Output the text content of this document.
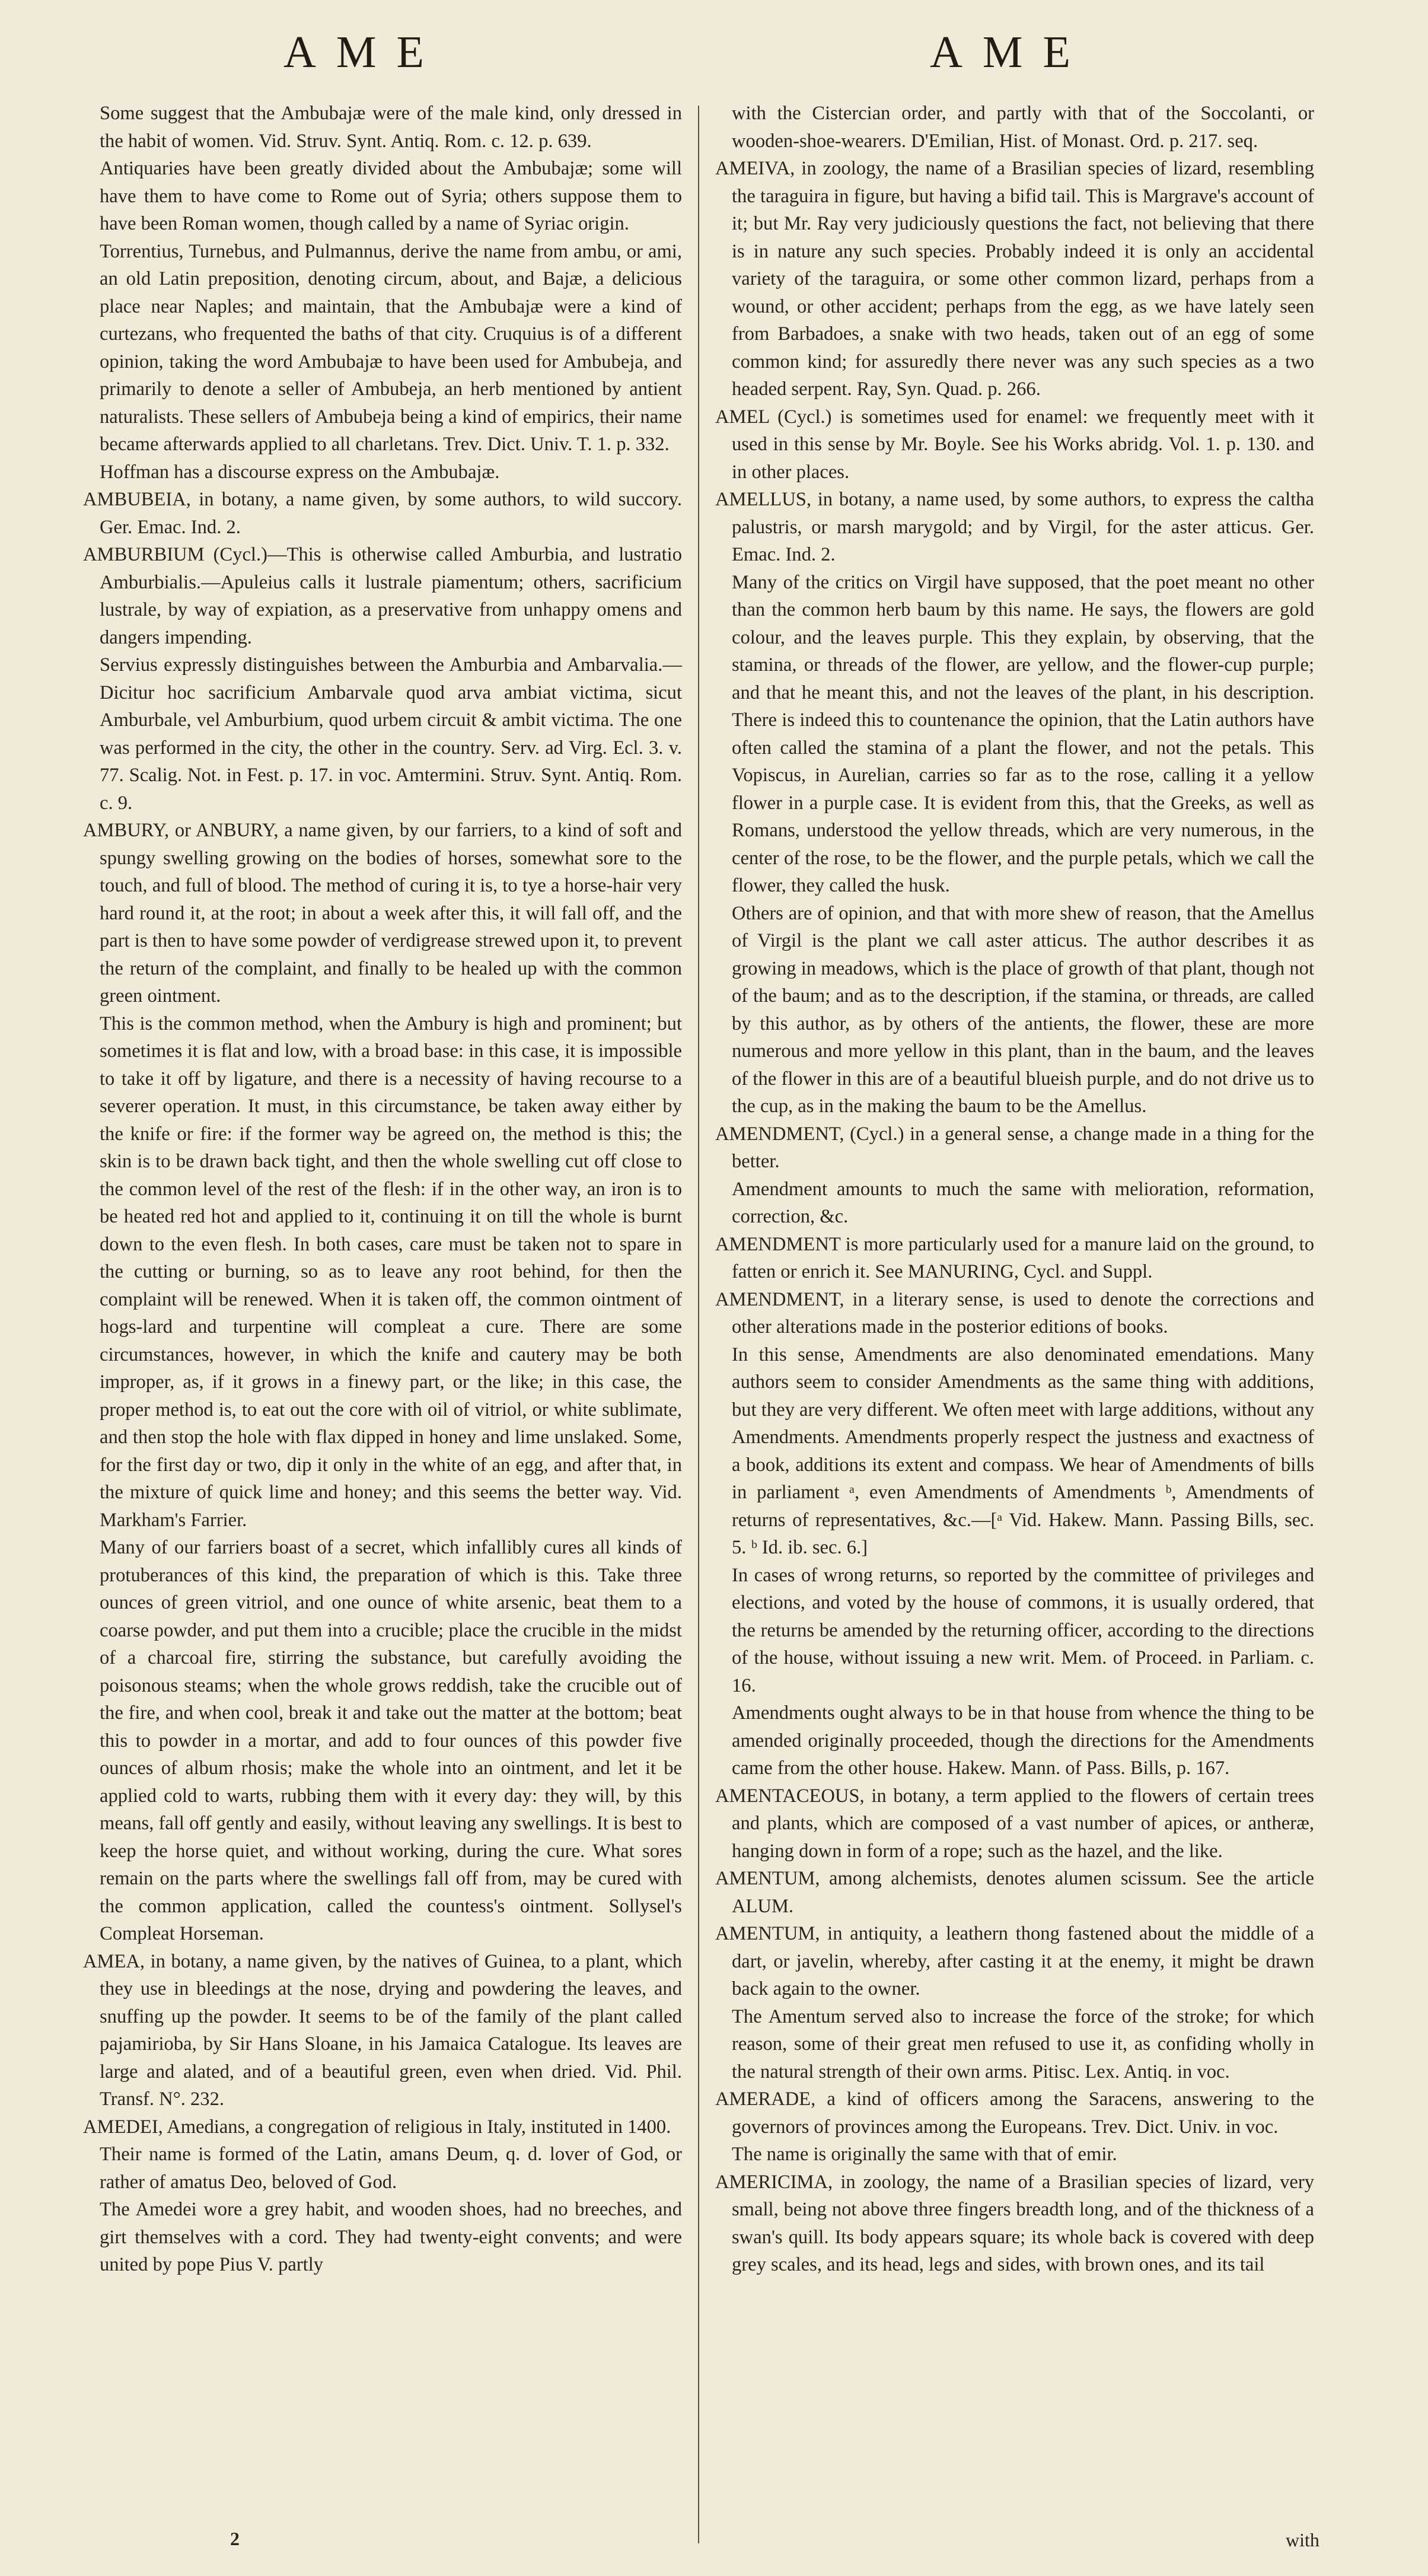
AME	AME

Some suggest that the Ambubajæ were of the male kind, only dressed in the habit of women. Vid. Struv. Synt. Antiq. Rom. c. 12. p. 639.

Antiquaries have been greatly divided about the Ambubajæ; some will have them to have come to Rome out of Syria; others suppose them to have been Roman women, though called by a name of Syriac origin.

Torrentius, Turnebus, and Pulmannus, derive the name from ambu, or ami, an old Latin preposition, denoting circum, about, and Bajæ, a delicious place near Naples; and maintain, that the Ambubajæ were a kind of curtezans, who frequented the baths of that city. Cruquius is of a different opinion, taking the word Ambubajæ to have been used for Ambubeja, and primarily to denote a seller of Ambubeja, an herb mentioned by antient naturalists. These sellers of Ambubeja being a kind of empirics, their name became afterwards applied to all charletans. Trev. Dict. Univ. T. 1. p. 332.

Hoffman has a discourse express on the Ambubajæ.

AMBUBEIA, in botany, a name given, by some authors, to wild succory. Ger. Emac. Ind. 2.

AMBURBIUM (Cycl.)—This is otherwise called Amburbia, and lustratio Amburbialis.—Apuleius calls it lustrale piamentum; others, sacrificium lustrale, by way of expiation, as a preservative from unhappy omens and dangers impending.

Servius expressly distinguishes between the Amburbia and Ambarvalia.—Dicitur hoc sacrificium Ambarvale quod arva ambiat victima, sicut Amburbale, vel Amburbium, quod urbem circuit & ambit victima. The one was performed in the city, the other in the country. Serv. ad Virg. Ecl. 3. v. 77. Scalig. Not. in Fest. p. 17. in voc. Amtermini. Struv. Synt. Antiq. Rom. c. 9.

AMBURY, or ANBURY, a name given, by our farriers, to a kind of soft and spungy swelling growing on the bodies of horses, somewhat sore to the touch, and full of blood. The method of curing it is, to tye a horse-hair very hard round it, at the root; in about a week after this, it will fall off, and the part is then to have some powder of verdigrease strewed upon it, to prevent the return of the complaint, and finally to be healed up with the common green ointment.

This is the common method, when the Ambury is high and prominent; but sometimes it is flat and low, with a broad base: in this case, it is impossible to take it off by ligature, and there is a necessity of having recourse to a severer operation. It must, in this circumstance, be taken away either by the knife or fire: if the former way be agreed on, the method is this; the skin is to be drawn back tight, and then the whole swelling cut off close to the common level of the rest of the flesh: if in the other way, an iron is to be heated red hot and applied to it, continuing it on till the whole is burnt down to the even flesh. In both cases, care must be taken not to spare in the cutting or burning, so as to leave any root behind, for then the complaint will be renewed. When it is taken off, the common ointment of hogs-lard and turpentine will compleat a cure. There are some circumstances, however, in which the knife and cautery may be both improper, as, if it grows in a finewy part, or the like; in this case, the proper method is, to eat out the core with oil of vitriol, or white sublimate, and then stop the hole with flax dipped in honey and lime unslaked. Some, for the first day or two, dip it only in the white of an egg, and after that, in the mixture of quick lime and honey; and this seems the better way. Vid. Markham's Farrier.

Many of our farriers boast of a secret, which infallibly cures all kinds of protuberances of this kind, the preparation of which is this. Take three ounces of green vitriol, and one ounce of white arsenic, beat them to a coarse powder, and put them into a crucible; place the crucible in the midst of a charcoal fire, stirring the substance, but carefully avoiding the poisonous steams; when the whole grows reddish, take the crucible out of the fire, and when cool, break it and take out the matter at the bottom; beat this to powder in a mortar, and add to four ounces of this powder five ounces of album rhosis; make the whole into an ointment, and let it be applied cold to warts, rubbing them with it every day: they will, by this means, fall off gently and easily, without leaving any swellings. It is best to keep the horse quiet, and without working, during the cure. What sores remain on the parts where the swellings fall off from, may be cured with the common application, called the countess's ointment. Sollysel's Compleat Horseman.

AMEA, in botany, a name given, by the natives of Guinea, to a plant, which they use in bleedings at the nose, drying and powdering the leaves, and snuffing up the powder. It seems to be of the family of the plant called pajamirioba, by Sir Hans Sloane, in his Jamaica Catalogue. Its leaves are large and alated, and of a beautiful green, even when dried. Vid. Phil. Transf. N°. 232.

AMEDEI, Amedians, a congregation of religious in Italy, instituted in 1400.

Their name is formed of the Latin, amans Deum, q. d. lover of God, or rather of amatus Deo, beloved of God.

The Amedei wore a grey habit, and wooden shoes, had no breeches, and girt themselves with a cord. They had twenty-eight convents; and were united by pope Pius V. partly

with the Cistercian order, and partly with that of the Soccolanti, or wooden-shoe-wearers. D'Emilian, Hist. of Monast. Ord. p. 217. seq.

AMEIVA, in zoology, the name of a Brasilian species of lizard, resembling the taraguira in figure, but having a bifid tail. This is Margrave's account of it; but Mr. Ray very judiciously questions the fact, not believing that there is in nature any such species. Probably indeed it is only an accidental variety of the taraguira, or some other common lizard, perhaps from a wound, or other accident; perhaps from the egg, as we have lately seen from Barbadoes, a snake with two heads, taken out of an egg of some common kind; for assuredly there never was any such species as a two headed serpent. Ray, Syn. Quad. p. 266.

AMEL (Cycl.) is sometimes used for enamel: we frequently meet with it used in this sense by Mr. Boyle. See his Works abridg. Vol. 1. p. 130. and in other places.

AMELLUS, in botany, a name used, by some authors, to express the caltha palustris, or marsh marygold; and by Virgil, for the aster atticus. Ger. Emac. Ind. 2.

Many of the critics on Virgil have supposed, that the poet meant no other than the common herb baum by this name. He says, the flowers are gold colour, and the leaves purple. This they explain, by observing, that the stamina, or threads of the flower, are yellow, and the flower-cup purple; and that he meant this, and not the leaves of the plant, in his description. There is indeed this to countenance the opinion, that the Latin authors have often called the stamina of a plant the flower, and not the petals. This Vopiscus, in Aurelian, carries so far as to the rose, calling it a yellow flower in a purple case. It is evident from this, that the Greeks, as well as Romans, understood the yellow threads, which are very numerous, in the center of the rose, to be the flower, and the purple petals, which we call the flower, they called the husk.

Others are of opinion, and that with more shew of reason, that the Amellus of Virgil is the plant we call aster atticus. The author describes it as growing in meadows, which is the place of growth of that plant, though not of the baum; and as to the description, if the stamina, or threads, are called by this author, as by others of the antients, the flower, these are more numerous and more yellow in this plant, than in the baum, and the leaves of the flower in this are of a beautiful blueish purple, and do not drive us to the cup, as in the making the baum to be the Amellus.

AMENDMENT, (Cycl.) in a general sense, a change made in a thing for the better.

Amendment amounts to much the same with melioration, reformation, correction, &c.

AMENDMENT is more particularly used for a manure laid on the ground, to fatten or enrich it. See MANURING, Cycl. and Suppl.

AMENDMENT, in a literary sense, is used to denote the corrections and other alterations made in the posterior editions of books.

In this sense, Amendments are also denominated emendations. Many authors seem to consider Amendments as the same thing with additions, but they are very different. We often meet with large additions, without any Amendments. Amendments properly respect the justness and exactness of a book, additions its extent and compass. We hear of Amendments of bills in parliament ᵃ, even Amendments of Amendments ᵇ, Amendments of returns of representatives, &c.—[ᵃ Vid. Hakew. Mann. Passing Bills, sec. 5. ᵇ Id. ib. sec. 6.]

In cases of wrong returns, so reported by the committee of privileges and elections, and voted by the house of commons, it is usually ordered, that the returns be amended by the returning officer, according to the directions of the house, without issuing a new writ. Mem. of Proceed. in Parliam. c. 16.

Amendments ought always to be in that house from whence the thing to be amended originally proceeded, though the directions for the Amendments came from the other house. Hakew. Mann. of Pass. Bills, p. 167.

AMENTACEOUS, in botany, a term applied to the flowers of certain trees and plants, which are composed of a vast number of apices, or antheræ, hanging down in form of a rope; such as the hazel, and the like.

AMENTUM, among alchemists, denotes alumen scissum. See the article ALUM.

AMENTUM, in antiquity, a leathern thong fastened about the middle of a dart, or javelin, whereby, after casting it at the enemy, it might be drawn back again to the owner.

The Amentum served also to increase the force of the stroke; for which reason, some of their great men refused to use it, as confiding wholly in the natural strength of their own arms. Pitisc. Lex. Antiq. in voc.

AMERADE, a kind of officers among the Saracens, answering to the governors of provinces among the Europeans. Trev. Dict. Univ. in voc.

The name is originally the same with that of emir.

AMERICIMA, in zoology, the name of a Brasilian species of lizard, very small, being not above three fingers breadth long, and of the thickness of a swan's quill. Its body appears square; its whole back is covered with deep grey scales, and its head, legs and sides, with brown ones, and its tail

2	with
